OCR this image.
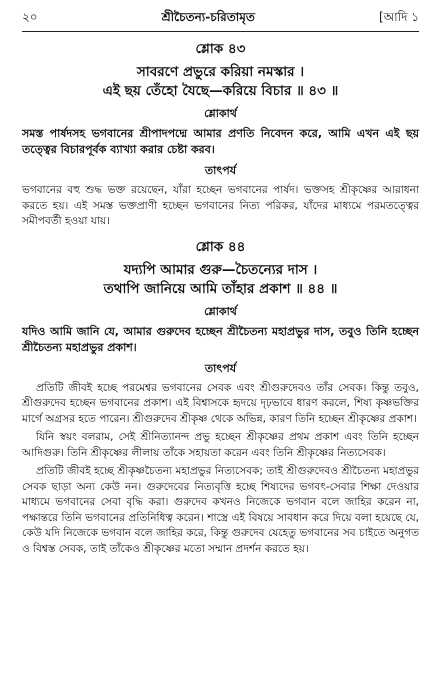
২০	শ্রীচৈতন্য-চরিতামৃত	[আদি ১
শ্লোক ৪৩
সাবরণে প্রভুরে করিয়া নমস্কার ।
এই ছয় তেঁহো যৈছে—করিয়ে বিচার ॥ ৪৩ ॥
শ্লোকার্থ
সমস্ত পার্ষদসহ ভগবানের শ্রীপাদপদ্মে আমার প্রণতি নিবেদন করে, আমি এখন এই ছয় তত্ত্বের বিচারপূর্বক ব্যাখ্যা করার চেষ্টা করব।
তাৎপর্য

ভগবানের বহু শুদ্ধ ভক্ত রয়েছেন, যাঁরা হচ্ছেন ভগবানের পার্ষদ। ভক্তসহ শ্রীকৃষ্ণের আরাধনা করতে হয়। এই সমস্ত ভক্তপ্রাণী হচ্ছেন ভগবানের নিত্য পরিকর, যাঁদের মাধ্যমে পরমতত্ত্বের সমীপবর্তী হওয়া যায়।

শ্লোক ৪৪
যদ্যপি আমার গুরু—চৈতন্যের দাস ।
তথাপি জানিয়ে আমি তাঁহার প্রকাশ ॥ ৪৪ ॥
শ্লোকার্থ
যদিও আমি জানি যে, আমার গুরুদেব হচ্ছেন শ্রীচৈতন্য মহাপ্রভুর দাস, তবুও তিনি হচ্ছেন শ্রীচৈতন্য মহাপ্রভুর প্রকাশ।
তাৎপর্য

প্রতিটি জীবই হচ্ছে পরমেশ্বর ভগবানের সেবক এবং শ্রীগুরুদেবও তাঁর সেবক। কিন্তু তবুও, শ্রীগুরুদেব হচ্ছেন ভগবানের প্রকাশ। এই বিশ্বাসকে হৃদয়ে দৃঢ়ভাবে ধারণ করলে, শিষ্য কৃষ্ণভক্তির মার্গে অগ্রসর হতে পারেন। শ্রীগুরুদেব শ্রীকৃষ্ণ থেকে অভিন্ন, কারণ তিনি হচ্ছেন শ্রীকৃষ্ণের প্রকাশ।

যিনি স্বয়ং বলরাম, সেই শ্রীনিত্যানন্দ প্রভু হচ্ছেন শ্রীকৃষ্ণের প্রথম প্রকাশ এবং তিনি হচ্ছেন আদিগুরু। তিনি শ্রীকৃষ্ণের লীলায় তাঁকে সহায়তা করেন এবং তিনি শ্রীকৃষ্ণের নিত্যসেবক।

প্রতিটি জীবই হচ্ছে শ্রীকৃষ্ণচৈতন্য মহাপ্রভুর নিত্যসেবক; তাই শ্রীগুরুদেবও শ্রীচৈতন্য মহাপ্রভুর সেবক ছাড়া অন্য কেউ নন। গুরুদেবের নিত্যবৃত্তি হচ্ছে শিষ্যদের ভগবৎ-সেবার শিক্ষা দেওয়ার মাধ্যমে ভগবানের সেবা বৃদ্ধি করা। গুরুদেব কখনও নিজেকে ভগবান বলে জাহির করেন না, পক্ষান্তরে তিনি ভগবানের প্রতিনিধিত্ব করেন। শাস্ত্রে এই বিষয়ে সাবধান করে দিয়ে বলা হয়েছে যে, কেউ যদি নিজেকে ভগবান বলে জাহির করে, কিন্তু গুরুদেব যেহেতু ভগবানের সব চাইতে অনুগত ও বিশ্বস্ত সেবক, তাই তাঁকেও শ্রীকৃষ্ণের মতো সম্মান প্রদর্শন করতে হয়।
